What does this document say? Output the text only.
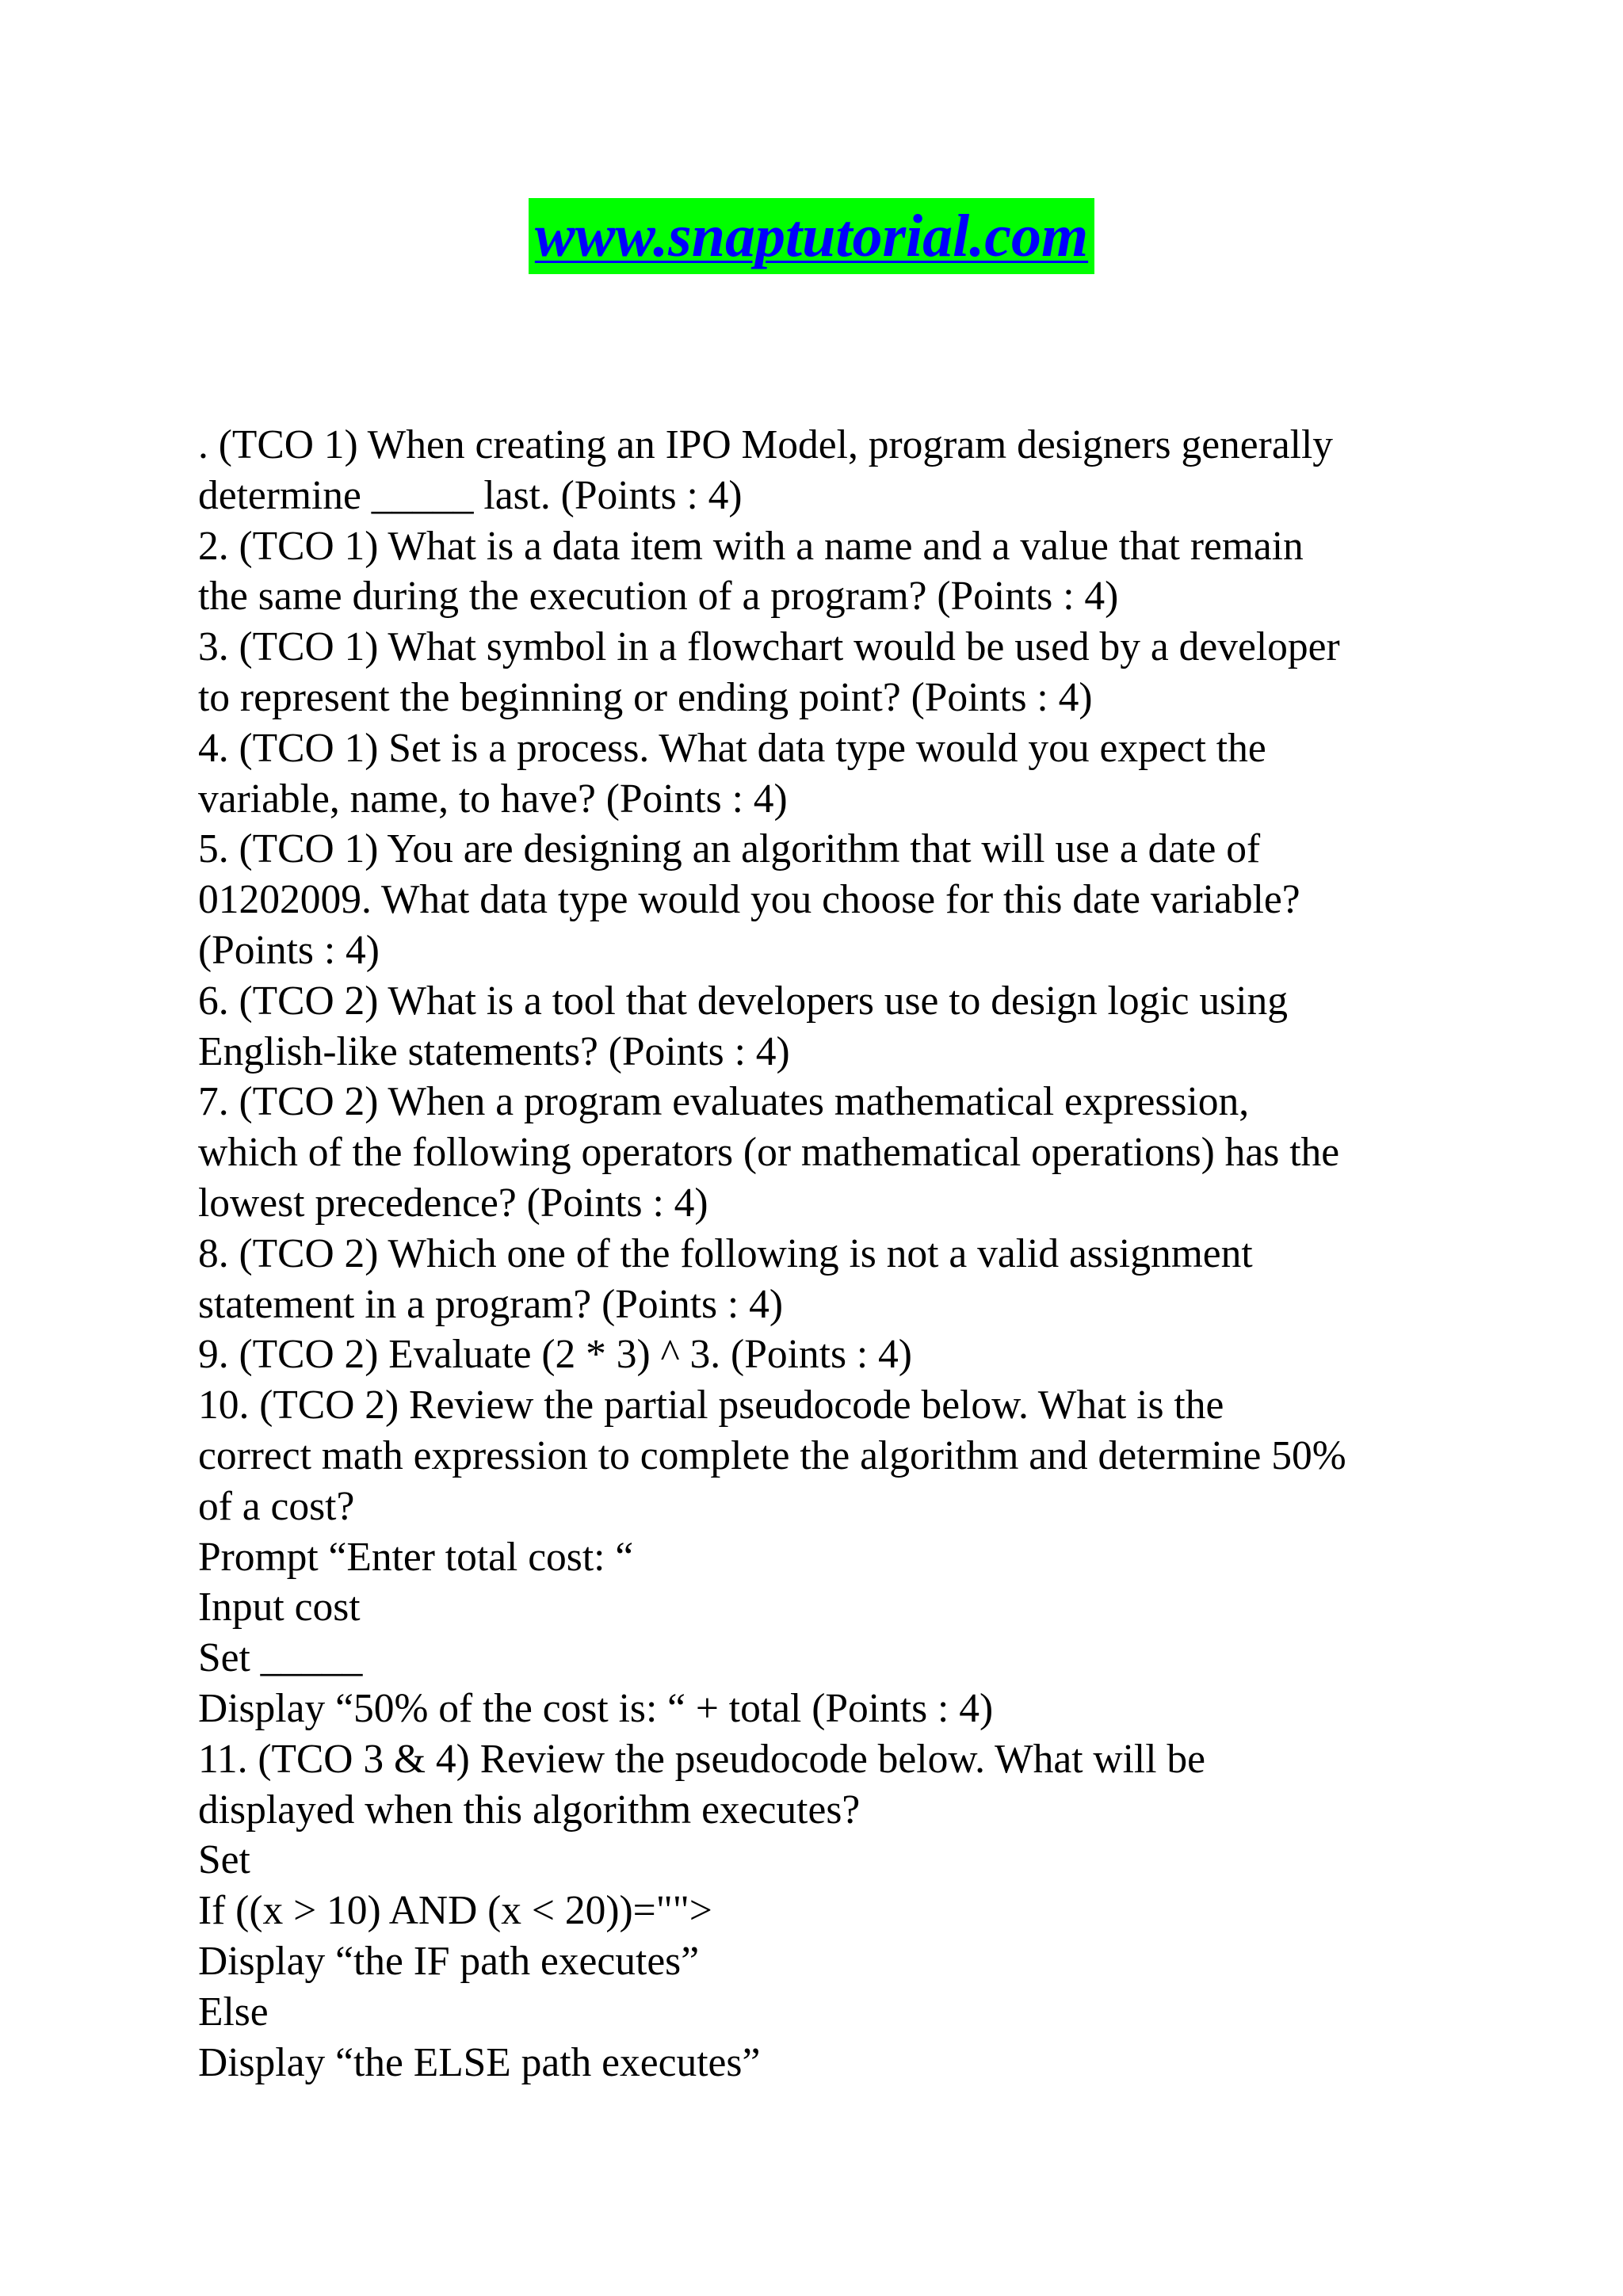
www.snaptutorial.com
. (TCO 1) When creating an IPO Model, program designers generally
determine _____ last. (Points : 4)
2. (TCO 1) What is a data item with a name and a value that remain
the same during the execution of a program? (Points : 4)
3. (TCO 1) What symbol in a flowchart would be used by a developer
to represent the beginning or ending point? (Points : 4)
4. (TCO 1) Set is a process. What data type would you expect the
variable, name, to have? (Points : 4)
5. (TCO 1) You are designing an algorithm that will use a date of
01202009. What data type would you choose for this date variable?
(Points : 4)
6. (TCO 2) What is a tool that developers use to design logic using
English-like statements? (Points : 4)
7. (TCO 2) When a program evaluates mathematical expression,
which of the following operators (or mathematical operations) has the
lowest precedence? (Points : 4)
8. (TCO 2) Which one of the following is not a valid assignment
statement in a program? (Points : 4)
9. (TCO 2) Evaluate (2 * 3) ^ 3. (Points : 4)
10. (TCO 2) Review the partial pseudocode below. What is the
correct math expression to complete the algorithm and determine 50%
of a cost?
Prompt “Enter total cost: “
Input cost
Set _____
Display “50% of the cost is: “ + total (Points : 4)
11. (TCO 3 & 4) Review the pseudocode below. What will be
displayed when this algorithm executes?
Set
If ((x > 10) AND (x < 20))="">
Display “the IF path executes”
Else
Display “the ELSE path executes”
